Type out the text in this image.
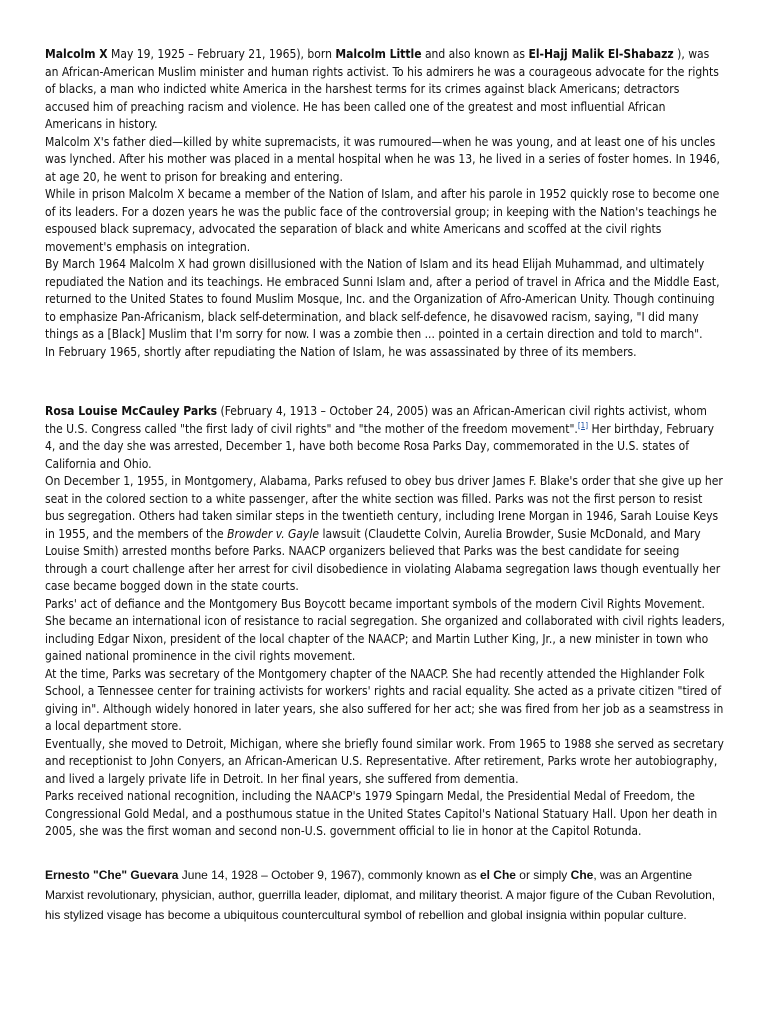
Malcolm X May 19, 1925 – February 21, 1965), born Malcolm Little and also known as El-Hajj Malik El-Shabazz ), was an African-American Muslim minister and human rights activist. To his admirers he was a courageous advocate for the rights of blacks, a man who indicted white America in the harshest terms for its crimes against black Americans; detractors accused him of preaching racism and violence. He has been called one of the greatest and most influential African Americans in history.

Malcolm X's father died—killed by white supremacists, it was rumoured—when he was young, and at least one of his uncles was lynched. After his mother was placed in a mental hospital when he was 13, he lived in a series of foster homes. In 1946, at age 20, he went to prison for breaking and entering.

While in prison Malcolm X became a member of the Nation of Islam, and after his parole in 1952 quickly rose to become one of its leaders. For a dozen years he was the public face of the controversial group; in keeping with the Nation's teachings he espoused black supremacy, advocated the separation of black and white Americans and scoffed at the civil rights movement's emphasis on integration.

By March 1964 Malcolm X had grown disillusioned with the Nation of Islam and its head Elijah Muhammad, and ultimately repudiated the Nation and its teachings. He embraced Sunni Islam and, after a period of travel in Africa and the Middle East, returned to the United States to found Muslim Mosque, Inc. and the Organization of Afro-American Unity. Though continuing to emphasize Pan-Africanism, black self-determination, and black self-defence, he disavowed racism, saying, "I did many things as a [Black] Muslim that I'm sorry for now. I was a zombie then ... pointed in a certain direction and told to march".

In February 1965, shortly after repudiating the Nation of Islam, he was assassinated by three of its members.

Rosa Louise McCauley Parks (February 4, 1913 – October 24, 2005) was an African-American civil rights activist, whom the U.S. Congress called "the first lady of civil rights" and "the mother of the freedom movement".[1] Her birthday, February 4, and the day she was arrested, December 1, have both become Rosa Parks Day, commemorated in the U.S. states of California and Ohio.

On December 1, 1955, in Montgomery, Alabama, Parks refused to obey bus driver James F. Blake's order that she give up her seat in the colored section to a white passenger, after the white section was filled. Parks was not the first person to resist bus segregation. Others had taken similar steps in the twentieth century, including Irene Morgan in 1946, Sarah Louise Keys in 1955, and the members of the Browder v. Gayle lawsuit (Claudette Colvin, Aurelia Browder, Susie McDonald, and Mary Louise Smith) arrested months before Parks. NAACP organizers believed that Parks was the best candidate for seeing through a court challenge after her arrest for civil disobedience in violating Alabama segregation laws though eventually her case became bogged down in the state courts.

Parks' act of defiance and the Montgomery Bus Boycott became important symbols of the modern Civil Rights Movement. She became an international icon of resistance to racial segregation. She organized and collaborated with civil rights leaders, including Edgar Nixon, president of the local chapter of the NAACP; and Martin Luther King, Jr., a new minister in town who gained national prominence in the civil rights movement.

At the time, Parks was secretary of the Montgomery chapter of the NAACP. She had recently attended the Highlander Folk School, a Tennessee center for training activists for workers' rights and racial equality. She acted as a private citizen "tired of giving in". Although widely honored in later years, she also suffered for her act; she was fired from her job as a seamstress in a local department store.

Eventually, she moved to Detroit, Michigan, where she briefly found similar work. From 1965 to 1988 she served as secretary and receptionist to John Conyers, an African-American U.S. Representative. After retirement, Parks wrote her autobiography, and lived a largely private life in Detroit. In her final years, she suffered from dementia.

Parks received national recognition, including the NAACP's 1979 Spingarn Medal, the Presidential Medal of Freedom, the Congressional Gold Medal, and a posthumous statue in the United States Capitol's National Statuary Hall. Upon her death in 2005, she was the first woman and second non-U.S. government official to lie in honor at the Capitol Rotunda.

Ernesto "Che" Guevara June 14, 1928 – October 9, 1967), commonly known as el Che or simply Che, was an Argentine Marxist revolutionary, physician, author, guerrilla leader, diplomat, and military theorist. A major figure of the Cuban Revolution, his stylized visage has become a ubiquitous countercultural symbol of rebellion and global insignia within popular culture.
